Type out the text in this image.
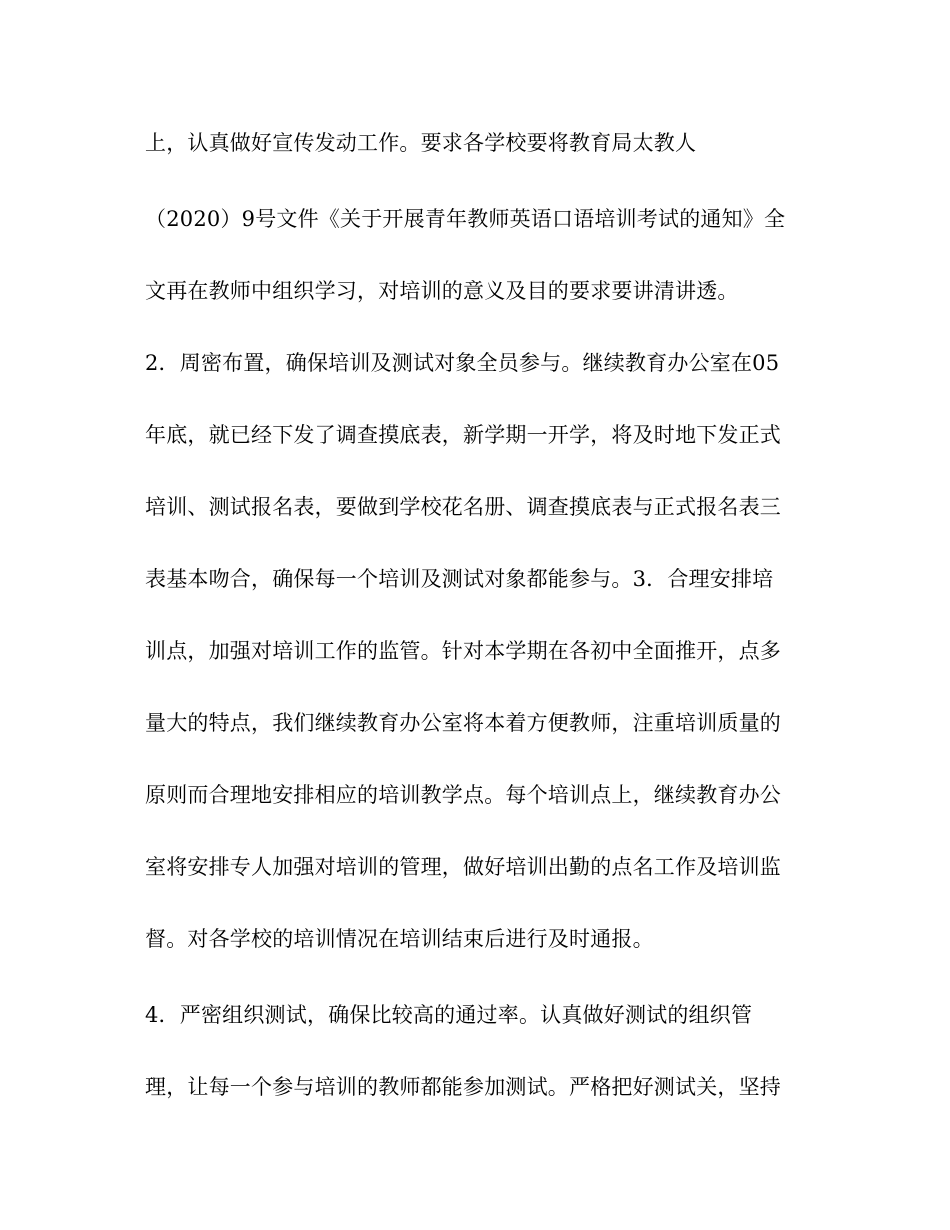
上，认真做好宣传发动工作。要求各学校要将教育局太教人
（2020）9号文件《关于开展青年教师英语口语培训考试的通知》全
文再在教师中组织学习，对培训的意义及目的要求要讲清讲透。
2．周密布置，确保培训及测试对象全员参与。继续教育办公室在05
年底，就已经下发了调查摸底表，新学期一开学，将及时地下发正式
培训、测试报名表，要做到学校花名册、调查摸底表与正式报名表三
表基本吻合，确保每一个培训及测试对象都能参与。3．合理安排培
训点，加强对培训工作的监管。针对本学期在各初中全面推开，点多
量大的特点，我们继续教育办公室将本着方便教师，注重培训质量的
原则而合理地安排相应的培训教学点。每个培训点上，继续教育办公
室将安排专人加强对培训的管理，做好培训出勤的点名工作及培训监
督。对各学校的培训情况在培训结束后进行及时通报。
4．严密组织测试，确保比较高的通过率。认真做好测试的组织管
理，让每一个参与培训的教师都能参加测试。严格把好测试关，坚持
